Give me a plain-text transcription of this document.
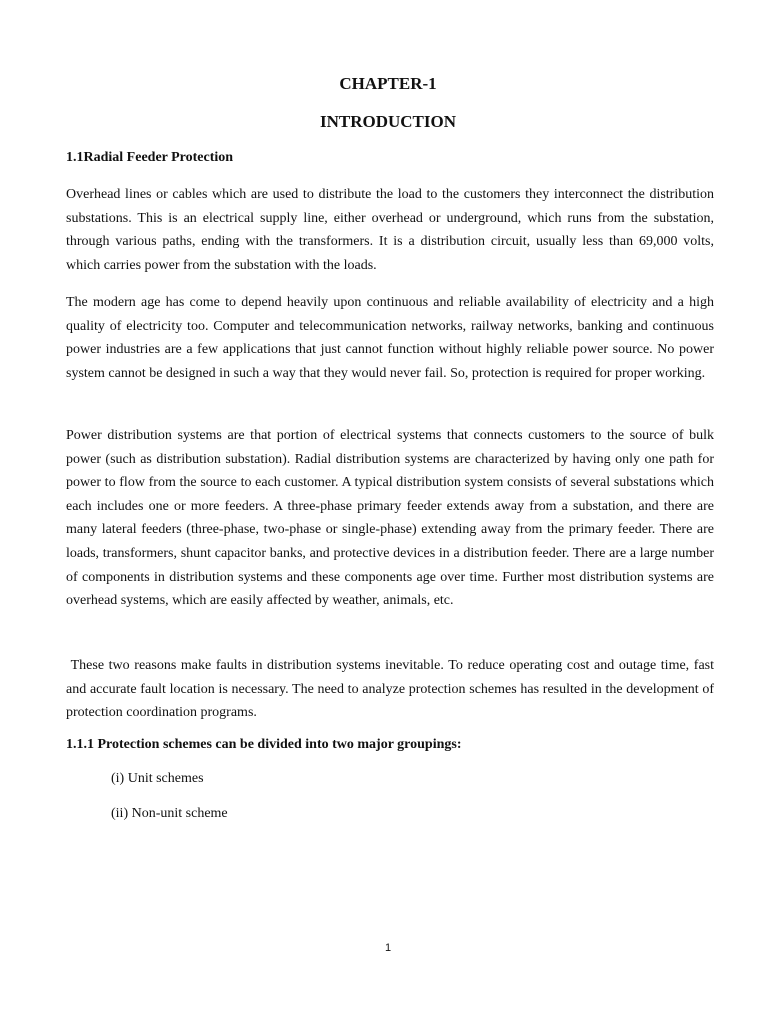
CHAPTER-1
INTRODUCTION
1.1Radial Feeder Protection

Overhead lines or cables which are used to distribute the load to the customers they interconnect the distribution substations. This is an electrical supply line, either overhead or underground, which runs from the substation, through various paths, ending with the transformers. It is a distribution circuit, usually less than 69,000 volts, which carries power from the substation with the loads.

The modern age has come to depend heavily upon continuous and reliable availability of electricity and a high quality of electricity too. Computer and telecommunication networks, railway networks, banking and continuous power industries are a few applications that just cannot function without highly reliable power source. No power system cannot be designed in such a way that they would never fail. So, protection is required for proper working.

Power distribution systems are that portion of electrical systems that connects customers to the source of bulk power (such as distribution substation). Radial distribution systems are characterized by having only one path for power to flow from the source to each customer. A typical distribution system consists of several substations which each includes one or more feeders. A three-phase primary feeder extends away from a substation, and there are many lateral feeders (three-phase, two-phase or single-phase) extending away from the primary feeder. There are loads, transformers, shunt capacitor banks, and protective devices in a distribution feeder. There are a large number of components in distribution systems and these components age over time. Further most distribution systems are overhead systems, which are easily affected by weather, animals, etc.

These two reasons make faults in distribution systems inevitable. To reduce operating cost and outage time, fast and accurate fault location is necessary. The need to analyze protection schemes has resulted in the development of protection coordination programs.

1.1.1 Protection schemes can be divided into two major groupings:

(i) Unit schemes

(ii) Non-unit scheme

1
